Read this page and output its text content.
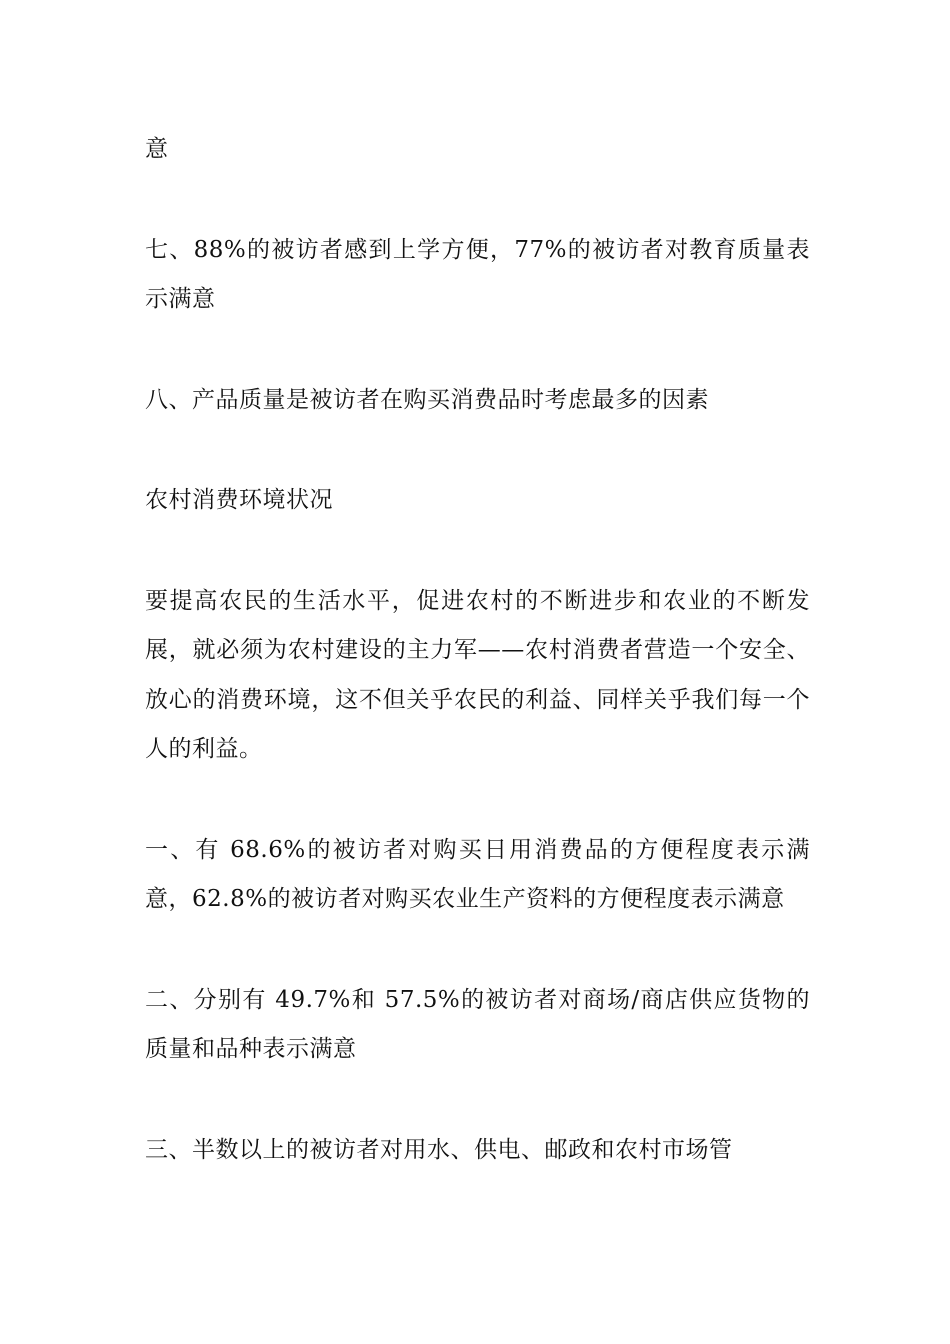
意

七、88%的被访者感到上学方便，77%的被访者对教育质量表示满意

八、产品质量是被访者在购买消费品时考虑最多的因素

农村消费环境状况

要提高农民的生活水平，促进农村的不断进步和农业的不断发展，就必须为农村建设的主力军——农村消费者营造一个安全、放心的消费环境，这不但关乎农民的利益、同样关乎我们每一个人的利益。

一、有 68.6%的被访者对购买日用消费品的方便程度表示满意，62.8%的被访者对购买农业生产资料的方便程度表示满意

二、分别有 49.7%和 57.5%的被访者对商场/商店供应货物的质量和品种表示满意

三、半数以上的被访者对用水、供电、邮政和农村市场管
